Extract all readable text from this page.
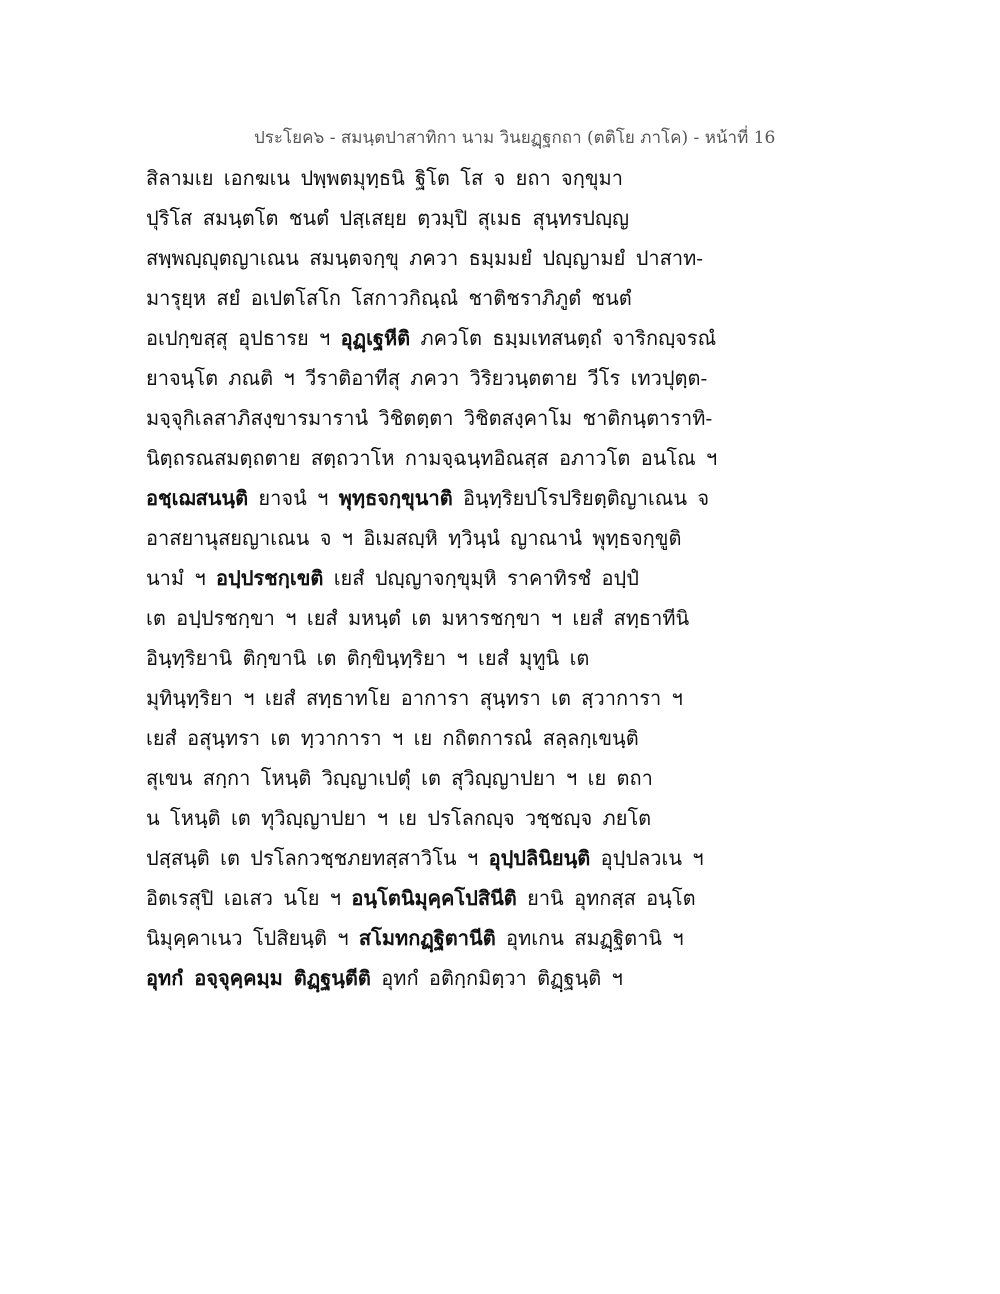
ประโยค๖ - สมนฺตปาสาทิกา นาม วินยฏฺฐกถา (ตติโย ภาโค) - หน้าที่ 16
สิลามเย เอกฆเน ปพฺพตมุทฺธนิ ฐิโต โส จ ยถา จกฺขุมา
ปุริโส สมนฺตโต ชนตํ ปสฺเสยฺย ตฺวมฺปิ สุเมธ สุนฺทรปญฺญ
สพฺพญฺญุตญาเณน สมนฺตจกฺขุ ภควา ธมฺมมยํ ปญฺญามยํ ปาสาท-
มารุยฺห สยํ อเปตโสโก โสกาวกิณฺณํ ชาติชราภิภูตํ ชนตํ
อเปกฺขสฺสุ อุปธารย ฯ อุฏฺเฐหีติ ภควโต ธมฺมเทสนตฺถํ จาริกญฺจรณํ
ยาจนฺโต ภณติ ฯ วีราติอาทีสุ ภควา วิริยวนฺตตาย วีโร เทวปุตฺต-
มจฺจุกิเลสาภิสงฺขารมารานํ วิชิตตฺตา วิชิตสงฺคาโม ชาติกนฺตาราทิ-
นิตฺถรณสมตฺถตาย สตฺถวาโห กามจฺฉนฺทอิณสฺส อภาวโต อนโณ ฯ
อชฺเฌสนนฺติ ยาจนํ ฯ พุทฺธจกฺขุนาติ อินฺทฺริยปโรปริยตฺติญาเณน จ
อาสยานุสยญาเณน จ ฯ อิเมสญฺหิ ทฺวินฺนํ ญาณานํ พุทฺธจกฺขูติ
นามํ ฯ อปฺปรชกฺเขติ เยสํ ปญฺญาจกฺขุมฺหิ ราคาทิรชํ อปฺปํ
เต อปฺปรชกฺขา ฯ เยสํ มหนฺตํ เต มหารชกฺขา ฯ เยสํ สทฺธาทีนิ
อินฺทฺริยานิ ติกฺขานิ เต ติกฺขินฺทฺริยา ฯ เยสํ มุทูนิ เต
มุทินฺทฺริยา ฯ เยสํ สทฺธาทโย อาการา สุนฺทรา เต สฺวาการา ฯ
เยสํ อสุนฺทรา เต ทฺวาการา ฯ เย กถิตการณํ สลฺลกฺเขนฺติ
สุเขน สกฺกา โหนฺติ วิญฺญาเปตุํ เต สุวิญฺญาปยา ฯ เย ตถา
น โหนฺติ เต ทุวิญฺญาปยา ฯ เย ปรโลกญฺจ วชฺชญฺจ ภยโต
ปสฺสนฺติ เต ปรโลกวชฺชภยทสฺสาวิโน ฯ อุปฺปลินิยนฺติ อุปฺปลวเน ฯ
อิตเรสุปิ เอเสว นโย ฯ อนฺโตนิมุคฺคโปสินีติ ยานิ อุทกสฺส อนฺโต
นิมุคฺคาเนว โปสิยนฺติ ฯ สโมทกฏฺฐิตานีติ อุทเกน สมฏฺฐิตานิ ฯ
อุทกํ อจฺจุคฺคมฺม ติฏฺฐนฺตีติ อุทกํ อติกฺกมิตฺวา ติฏฺฐนฺติ ฯ
